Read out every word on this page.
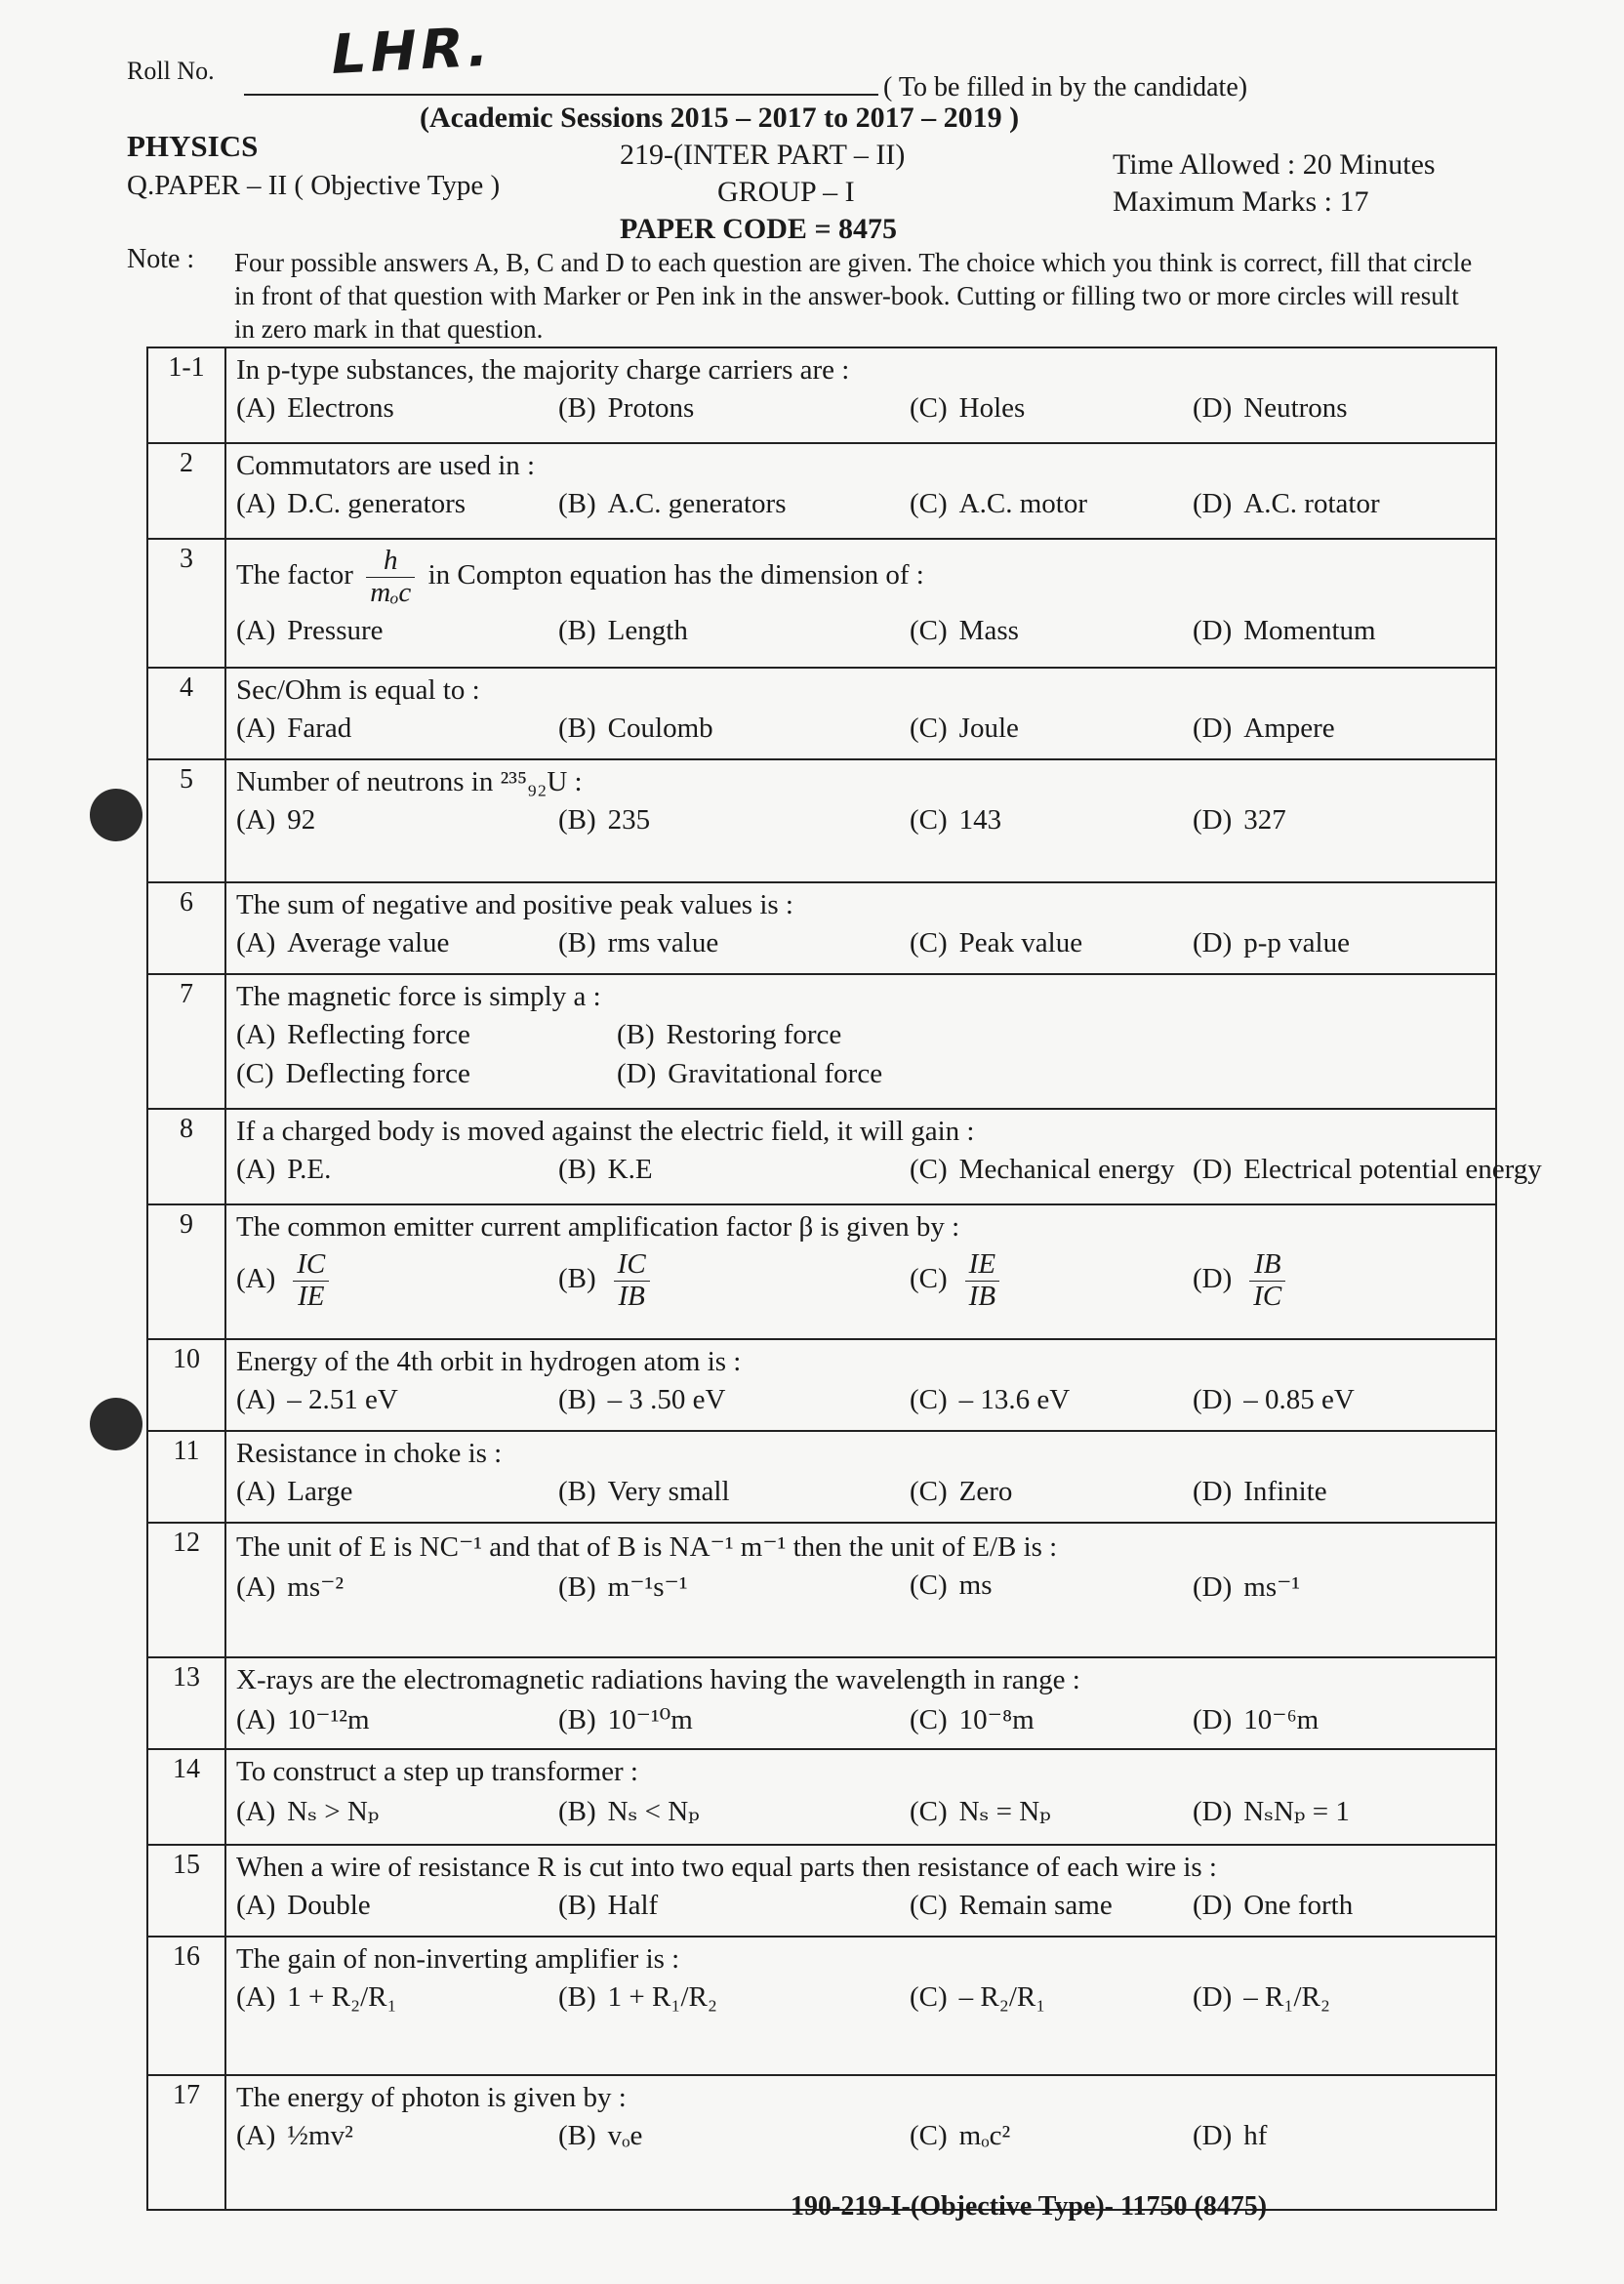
Roll No. LHR.
( To be filled in by the candidate)
(Academic Sessions 2015 – 2017 to 2017 – 2019 )
PHYSICS
Q.PAPER – II ( Objective Type )
219-(INTER PART – II)
GROUP – I
PAPER CODE = 8475
Time Allowed : 20 Minutes
Maximum Marks : 17
Note : Four possible answers A, B, C and D to each question are given. The choice which you think is correct, fill that circle in front of that question with Marker or Pen ink in the answer-book. Cutting or filling two or more circles will result in zero mark in that question.
1-1	In p-type substances, the majority charge carriers are :
(A) Electrons	(B) Protons	(C) Holes	(D) Neutrons
2	Commutators are used in :
(A) D.C. generators	(B) A.C. generators	(C) A.C. motor	(D) A.C. rotator
3
The factor $\frac{h}{\text{mₒc}}$ in Compton equation has the dimension of :
(A) Pressure	(B) Length	(C) Mass	(D) Momentum
4	Sec/Ohm is equal to :
(A) Farad	(B) Coulomb	(C) Joule	(D) Ampere
5	Number of neutrons in ²³⁵₉₂U :
(A) 92	(B) 235	(C) 143	(D) 327
6	The sum of negative and positive peak values is :
(A) Average value	(B) rms value	(C) Peak value	(D) p-p value
7	The magnetic force is simply a :
(A) Reflecting force	(B) Restoring force
(C) Deflecting force	(D) Gravitational force
8	If a charged body is moved against the electric field, it will gain :
(A) P.E.	(B) K.E	(C) Mechanical energy (D) Electrical potential energy
9	The common emitter current amplification factor β is given by :
$(A) \frac{IC}{IE}$	$(B) \frac{IC}{IB}$	$(C) \frac{IE}{IB}$	$(D) \frac{IB}{IC}$
10	Energy of the 4th orbit in hydrogen atom is :
(A) – 2.51 eV	(B) – 3 .50 eV	(C) – 13.6 eV	(D) – 0.85 eV
11	Resistance in choke is :
(A) Large	(B) Very small	(C) Zero	(D) Infinite
12	The unit of E is NC⁻¹ and that of B is NA⁻¹ m⁻¹ then the unit of E/B is :
(A) ms⁻²	(B) m⁻¹s⁻¹	(C) ms	(D) ms⁻¹
13	X-rays are the electromagnetic radiations having the wavelength in range :
(A) 10⁻¹²m	(B) 10⁻¹⁰m	(C) 10⁻⁸m	(D) 10⁻⁶m
14	To construct a step up transformer :
(A) Nₛ > Nₚ	(B) Nₛ < Nₚ	(C) Nₛ = Nₚ	(D) NₛNₚ = 1
15	When a wire of resistance R is cut into two equal parts then resistance of each wire is :
(A) Double	(B) Half	(C) Remain same	(D) One forth
16	The gain of non-inverting amplifier is :
(A) 1 + R₂/R₁	(B) 1 + R₁/R₂	(C) – R₂/R₁	(D) – R₁/R₂
17	The energy of photon is given by :
(A) ½mv²	(B) vₒe	(C) mₒc²	(D) hf
190-219-I-(Objective Type)- 11750 (8475)
